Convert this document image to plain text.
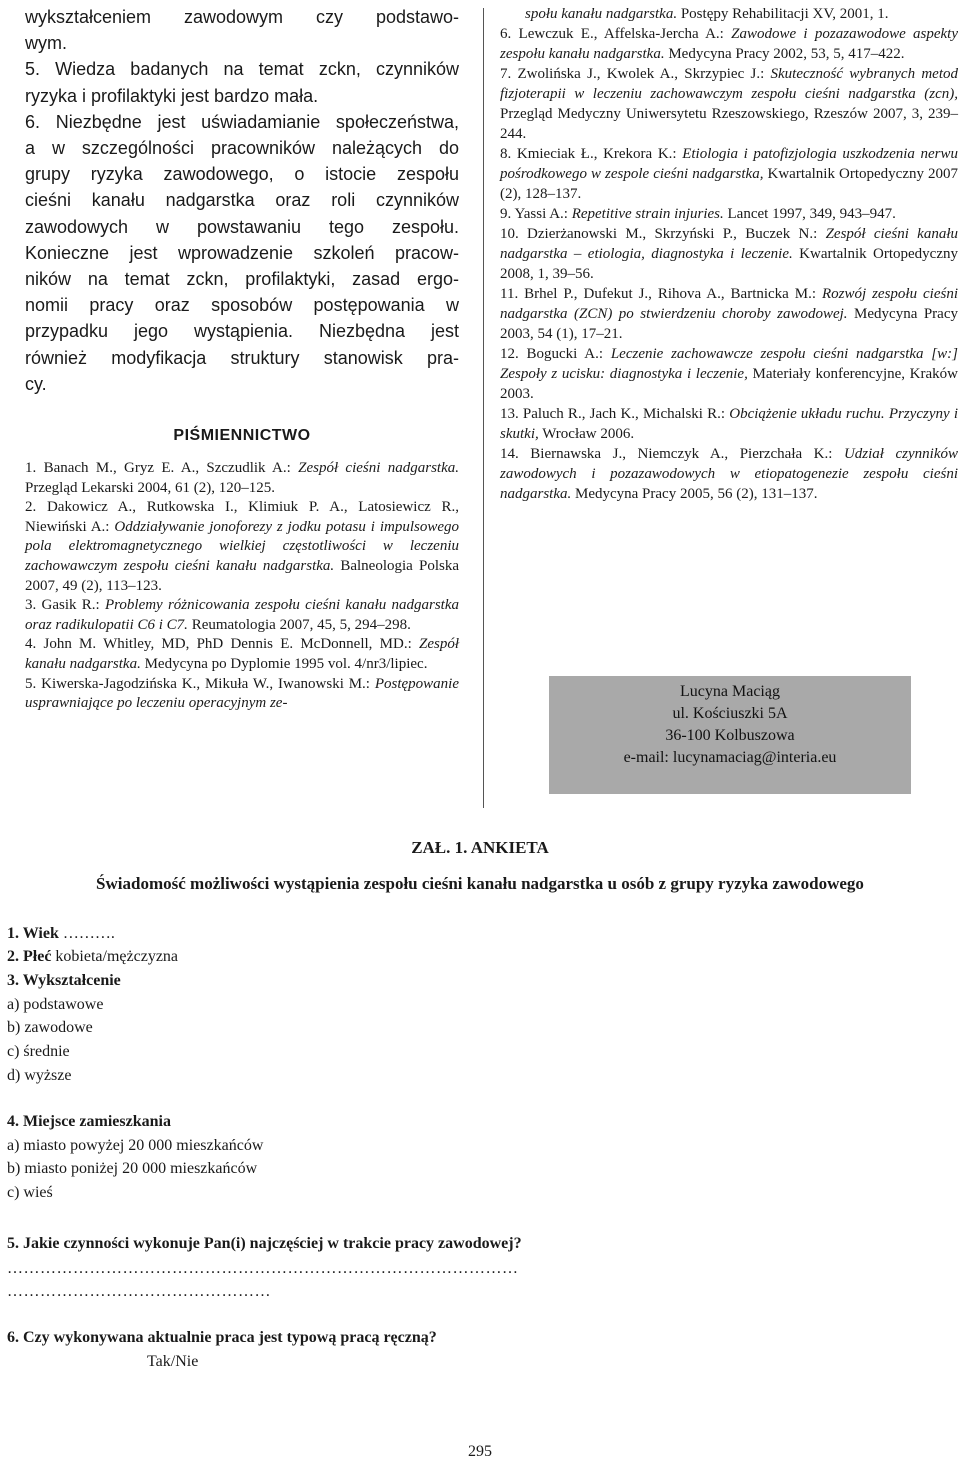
wykształceniem zawodowym czy podstawo-

wym.

5. Wiedza badanych na temat zckn, czynników

ryzyka i profilaktyki jest bardzo mała.

6. Niezbędne jest uświadamianie społeczeństwa,

a w szczególności pracowników należących do

grupy ryzyka zawodowego, o istocie zespołu

cieśni kanału nadgarstka oraz roli czynników

zawodowych w powstawaniu tego zespołu.

Konieczne jest wprowadzenie szkoleń pracow-

ników na temat zckn, profilaktyki, zasad ergo-

nomii pracy oraz sposobów postępowania w

przypadku jego wystąpienia. Niezbędna jest

również modyfikacja struktury stanowisk pra-

cy.

PIŚMIENNICTWO

1. Banach M., Gryz E. A., Szczudlik A.: Zespół cieśni nadgarstka. Przegląd Lekarski 2004, 61 (2), 120–125.

2. Dakowicz A., Rutkowska I., Klimiuk P. A., Latosiewicz R., Niewiński A.: Oddziaływanie jonoforezy z jodku potasu i impulsowego pola elektromagnetycznego wielkiej częstotliwości w leczeniu zachowawczym zespołu cieśni kanału nadgarstka. Balneologia Polska 2007, 49 (2), 113–123.

3. Gasik R.: Problemy różnicowania zespołu cieśni kanału nadgarstka oraz radikulopatii C6 i C7. Reumatologia 2007, 45, 5, 294–298.

4. John M. Whitley, MD, PhD Dennis E. McDonnell, MD.: Zespół kanału nadgarstka. Medycyna po Dyplomie 1995 vol. 4/nr3/lipiec.

5. Kiwerska-Jagodzińska K., Mikuła W., Iwanowski M.: Postępowanie usprawniające po leczeniu operacyjnym ze-

społu kanału nadgarstka. Postępy Rehabilitacji XV, 2001, 1.

6. Lewczuk E., Affelska-Jercha A.: Zawodowe i pozazawodowe aspekty zespołu kanału nadgarstka. Medycyna Pracy 2002, 53, 5, 417–422.

7. Zwolińska J., Kwolek A., Skrzypiec J.: Skuteczność wybranych metod fizjoterapii w leczeniu zachowawczym zespołu cieśni nadgarstka (zcn), Przegląd Medyczny Uniwersytetu Rzeszowskiego, Rzeszów 2007, 3, 239–244.

8. Kmieciak Ł., Krekora K.: Etiologia i patofizjologia uszkodzenia nerwu pośrodkowego w zespole cieśni nadgarstka, Kwartalnik Ortopedyczny 2007 (2), 128–137.

9. Yassi A.: Repetitive strain injuries. Lancet 1997, 349, 943–947.

10. Dzierżanowski M., Skrzyński P., Buczek N.: Zespół cieśni kanału nadgarstka – etiologia, diagnostyka i leczenie. Kwartalnik Ortopedyczny 2008, 1, 39–56.

11. Brhel P., Dufekut J., Rihova A., Bartnicka M.: Rozwój zespołu cieśni nadgarstka (ZCN) po stwierdzeniu choroby zawodowej. Medycyna Pracy 2003, 54 (1), 17–21.

12. Bogucki A.: Leczenie zachowawcze zespołu cieśni nadgarstka [w:] Zespoły z ucisku: diagnostyka i leczenie, Materiały konferencyjne, Kraków 2003.

13. Paluch R., Jach K., Michalski R.: Obciążenie układu ruchu. Przyczyny i skutki, Wrocław 2006.

14. Biernawska J., Niemczyk A., Pierzchała K.: Udział czynników zawodowych i pozazawodowych w etiopatogenezie zespołu cieśni nadgarstka. Medycyna Pracy 2005, 56 (2), 131–137.

Lucyna Maciąg
ul. Kościuszki 5A
36-100 Kolbuszowa
e-mail: lucynamaciag@interia.eu
ZAŁ. 1. ANKIETA
Świadomość możliwości wystąpienia zespołu cieśni kanału nadgarstka u osób z grupy ryzyka zawodowego
1. Wiek ……….
2. Płeć kobieta/mężczyzna
3. Wykształcenie
a) podstawowe
b) zawodowe
c) średnie
d) wyższe
4. Miejsce zamieszkania
a) miasto powyżej 20 000 mieszkańców
b) miasto poniżej 20 000 mieszkańców
c) wieś
5. Jakie czynności wykonuje Pan(i) najczęściej w trakcie pracy zawodowej?
…………………………………………………………………………………
…………………………………………
6. Czy wykonywana aktualnie praca jest typową pracą ręczną?
Tak/Nie
295
